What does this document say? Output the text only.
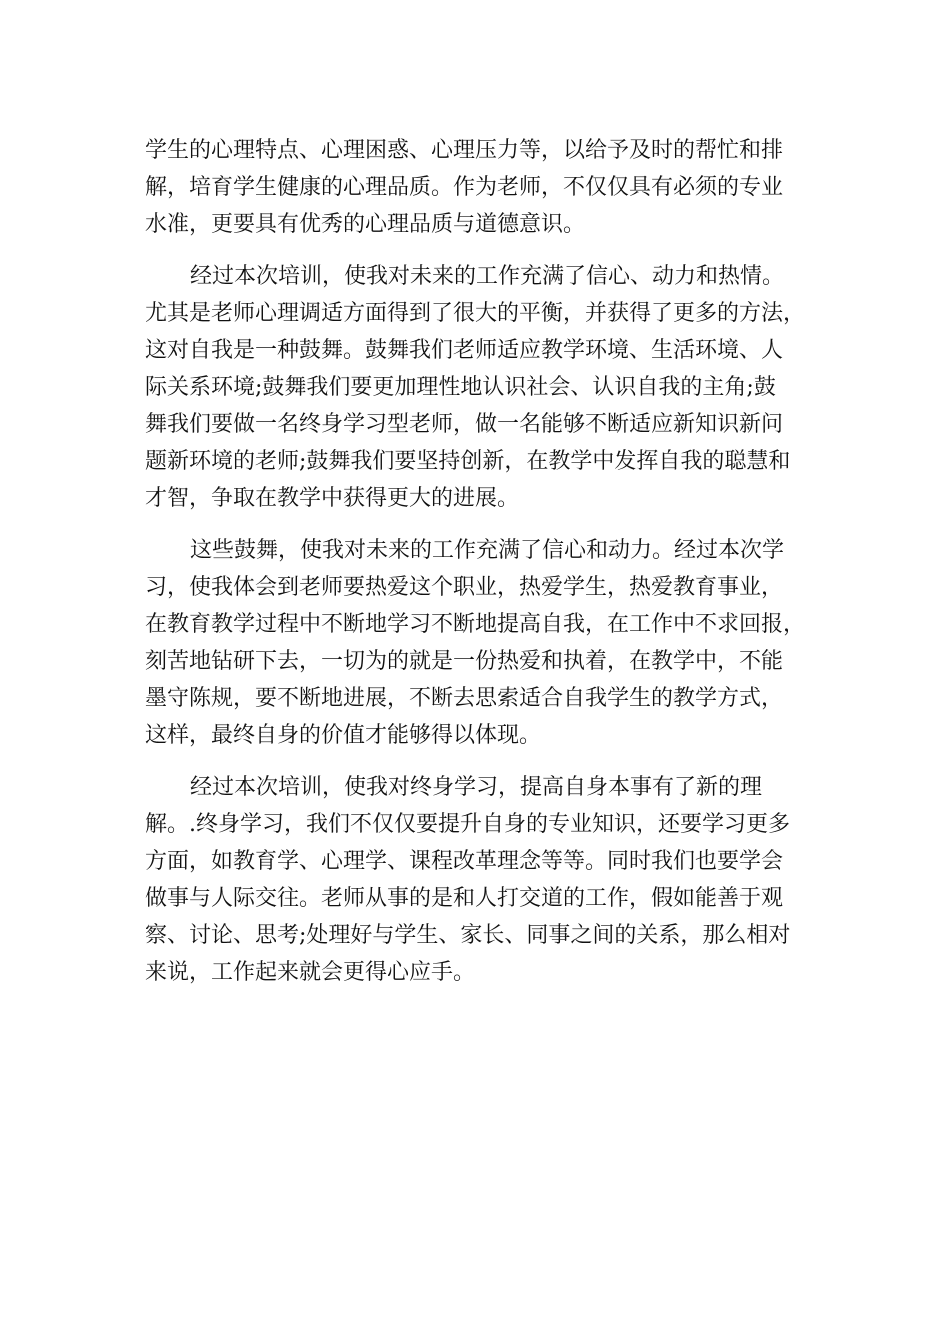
学生的心理特点、心理困惑、心理压力等，以给予及时的帮忙和排
解，培育学生健康的心理品质。作为老师，不仅仅具有必须的专业
水准，更要具有优秀的心理品质与道德意识。
经过本次培训，使我对未来的工作充满了信心、动力和热情。
尤其是老师心理调适方面得到了很大的平衡，并获得了更多的方法，
这对自我是一种鼓舞。鼓舞我们老师适应教学环境、生活环境、人
际关系环境;鼓舞我们要更加理性地认识社会、认识自我的主角;鼓
舞我们要做一名终身学习型老师，做一名能够不断适应新知识新问
题新环境的老师;鼓舞我们要坚持创新，在教学中发挥自我的聪慧和
才智，争取在教学中获得更大的进展。
这些鼓舞，使我对未来的工作充满了信心和动力。经过本次学
习，使我体会到老师要热爱这个职业，热爱学生，热爱教育事业，
在教育教学过程中不断地学习不断地提高自我，在工作中不求回报，
刻苦地钻研下去，一切为的就是一份热爱和执着，在教学中，不能
墨守陈规，要不断地进展，不断去思索适合自我学生的教学方式，
这样，最终自身的价值才能够得以体现。
经过本次培训，使我对终身学习，提高自身本事有了新的理
解。.终身学习，我们不仅仅要提升自身的专业知识，还要学习更多
方面，如教育学、心理学、课程改革理念等等。同时我们也要学会
做事与人际交往。老师从事的是和人打交道的工作，假如能善于观
察、讨论、思考;处理好与学生、家长、同事之间的关系，那么相对
来说，工作起来就会更得心应手。
